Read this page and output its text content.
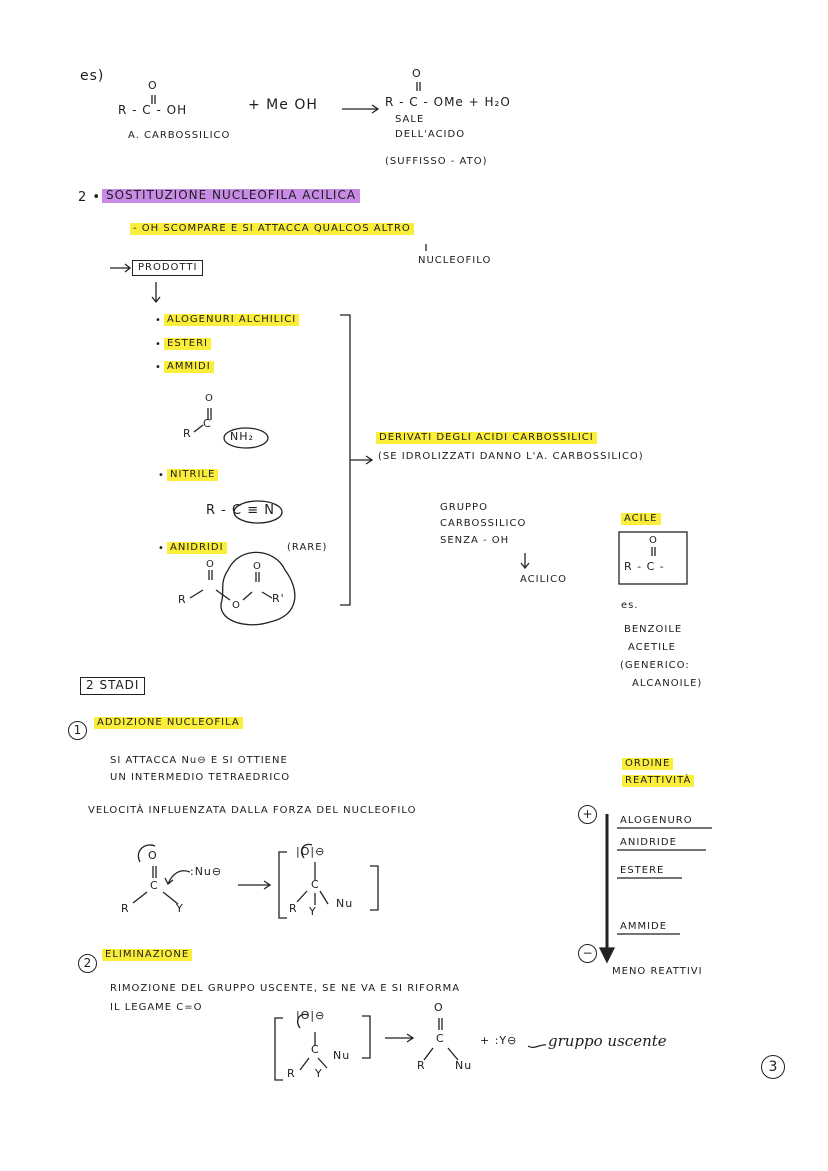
es)
O
R - C - OH	+ Me OH
O
R - C - OMe + H₂O
A. CARBOSSILICO
SALE
DELL'ACIDO
(SUFFISSO - ATO)
2 • SOSTITUZIONE NUCLEOFILA ACILICA
- OH SCOMPARE E SI ATTACCA QUALCOS ALTRO
NUCLEOFILO
PRODOTTI
• ALOGENURI ALCHILICI
• ESTERI
• AMMIDI
O
R
C
NH₂
• NITRILE
R - C ≡ N
• ANIDRIDI	(RARE)
O	O
O
R	R'
DERIVATI DEGLI ACIDI CARBOSSILICI
(SE IDROLIZZATI DANNO L'A. CARBOSSILICO)
GRUPPO
CARBOSSILICO
SENZA - OH
ACILICO
ACILE
O
R - C -
es.
BENZOILE
ACETILE
(GENERICO:
ALCANOILE)
2 STADI
1
ADDIZIONE NUCLEOFILA
SI ATTACCA Nu⊖ E SI OTTIENE
UN INTERMEDIO TETRAEDRICO
VELOCITÀ INFLUENZATA DALLA FORZA DEL NUCLEOFILO
O
C
:Nu⊖
R	Y
|O|⊖
C
R Y
Nu
ORDINE
REATTIVITÀ
+	ALOGENURO
ANIDRIDE
ESTERE
AMMIDE
−
MENO REATTIVI
2
ELIMINAZIONE
RIMOZIONE DEL GRUPPO USCENTE, SE NE VA E SI RIFORMA
IL LEGAME C=O
|O|⊖
C
R Y
Nu
O
C
R	Nu
+ :Y⊖ gruppo uscente
3
